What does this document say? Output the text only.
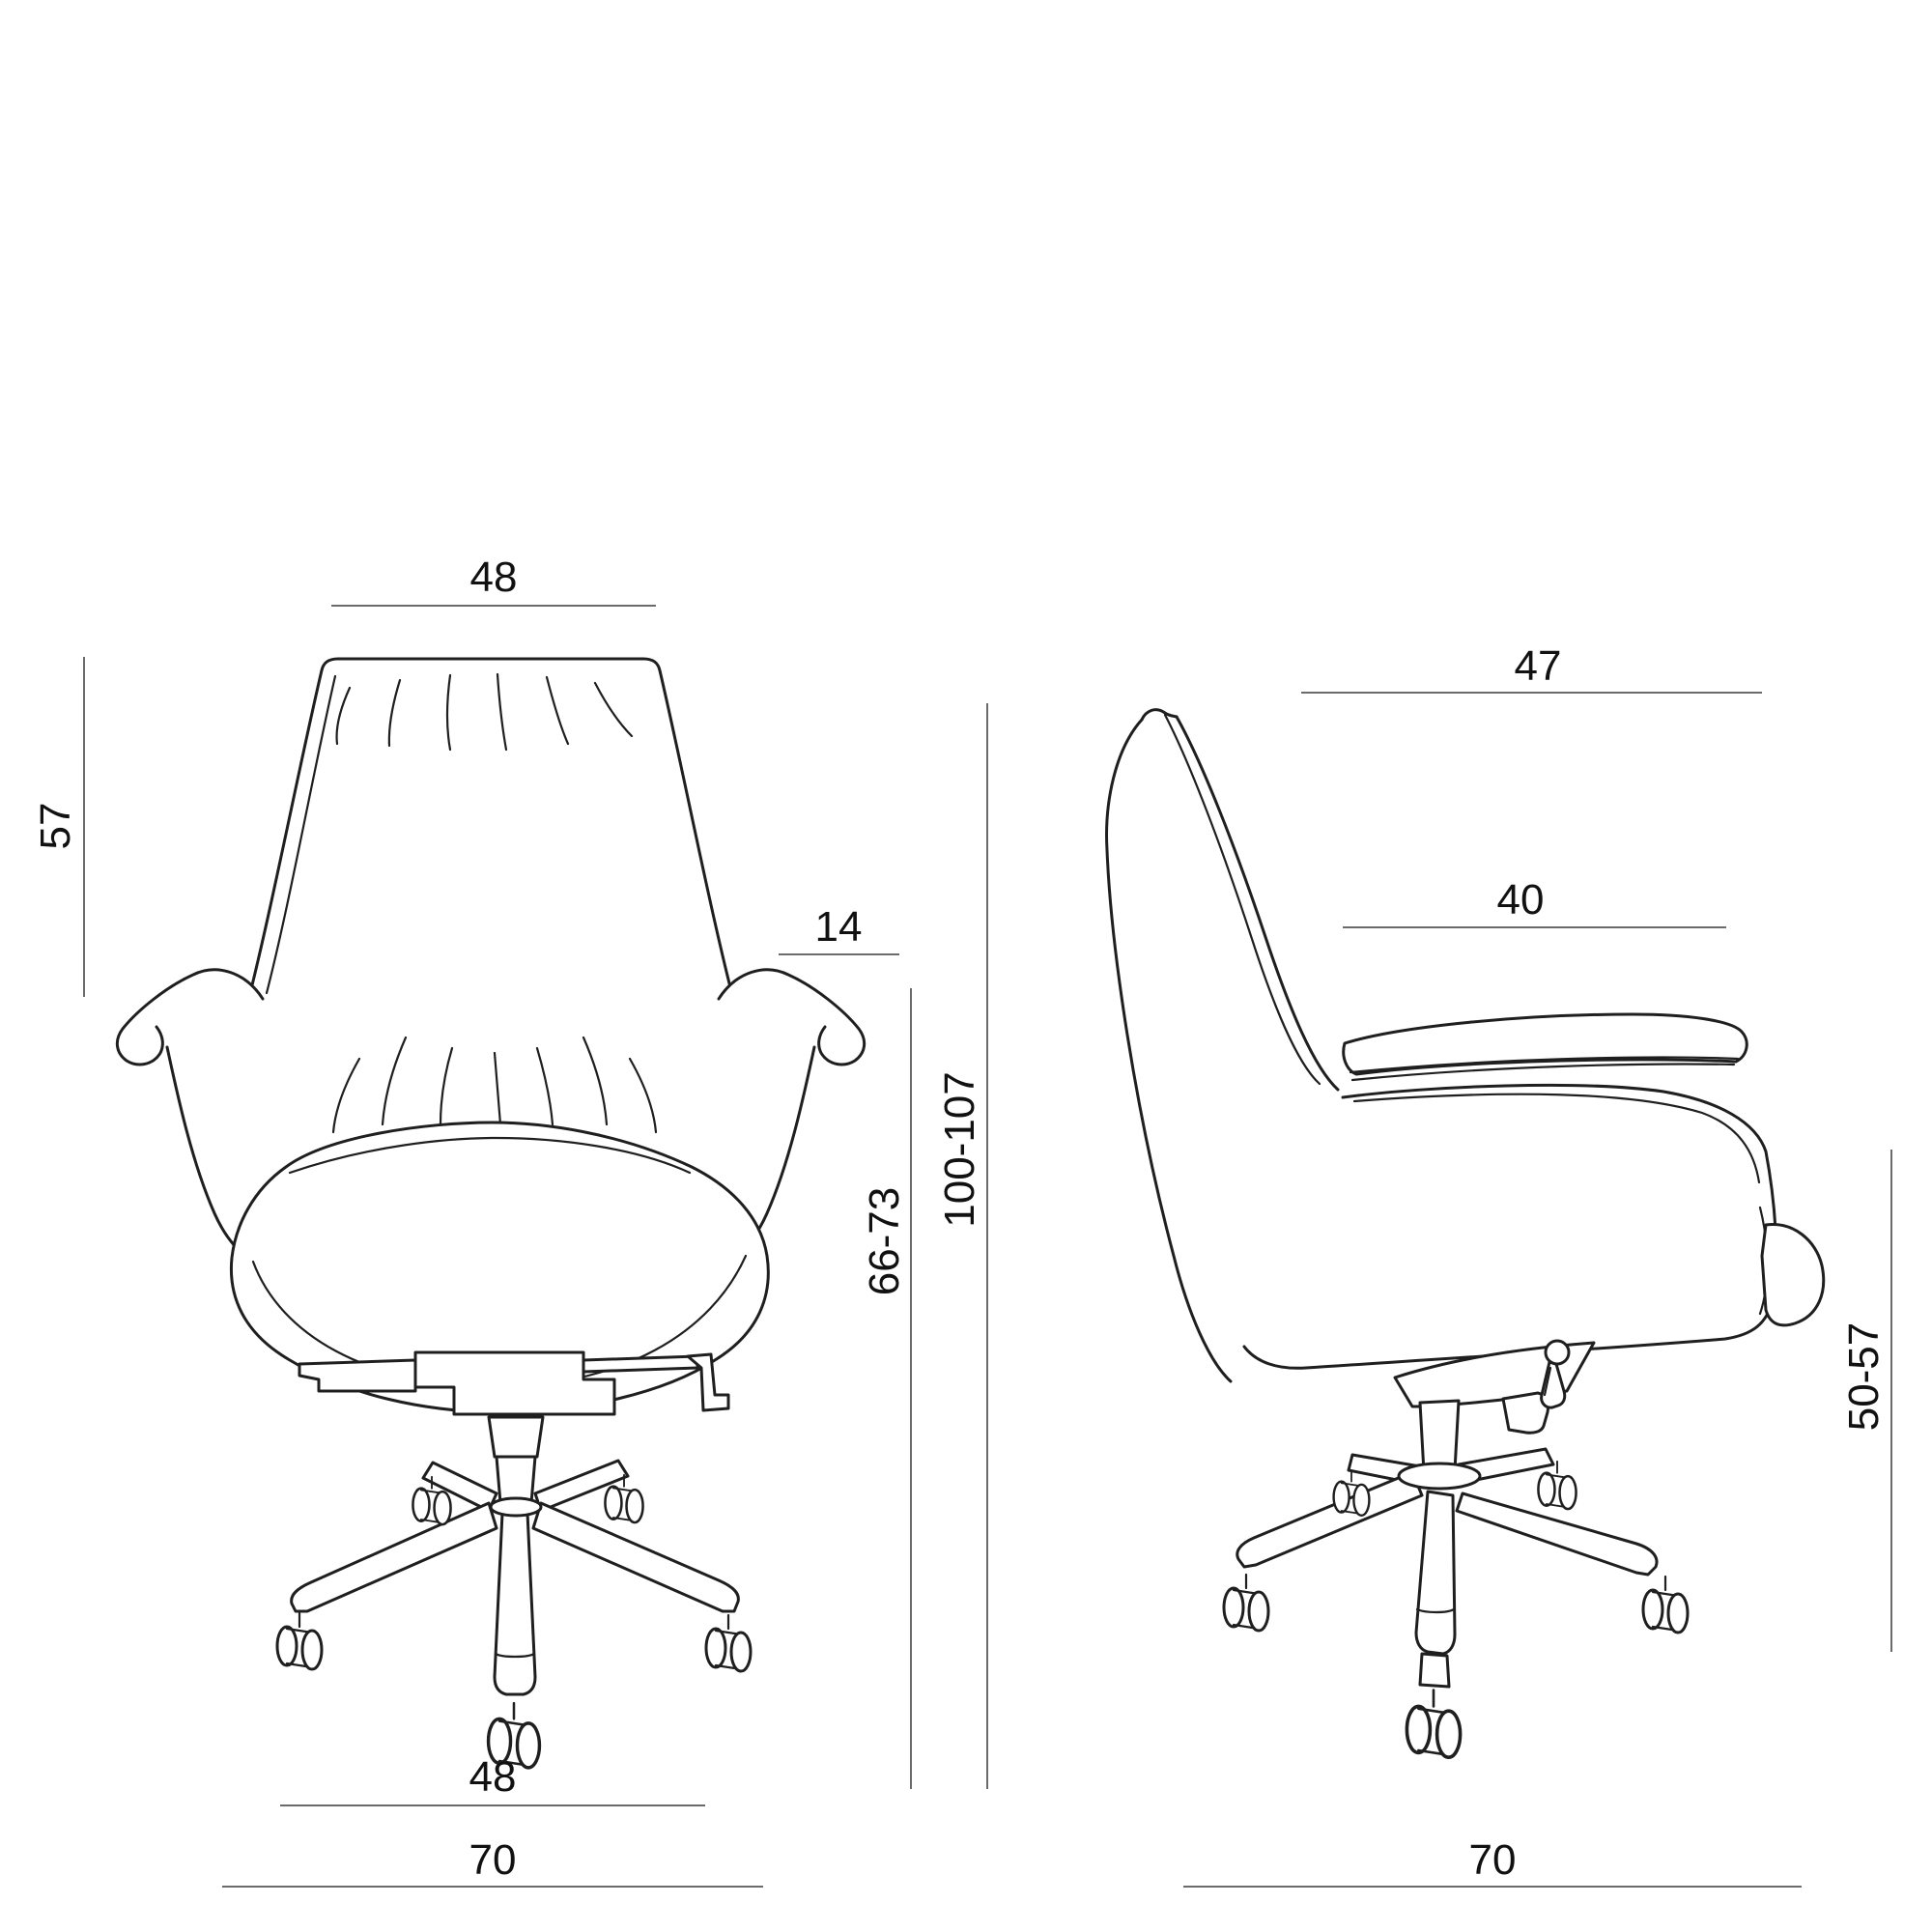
48
57
14
100-107
66-73
48
70
47
40
50-57
70
